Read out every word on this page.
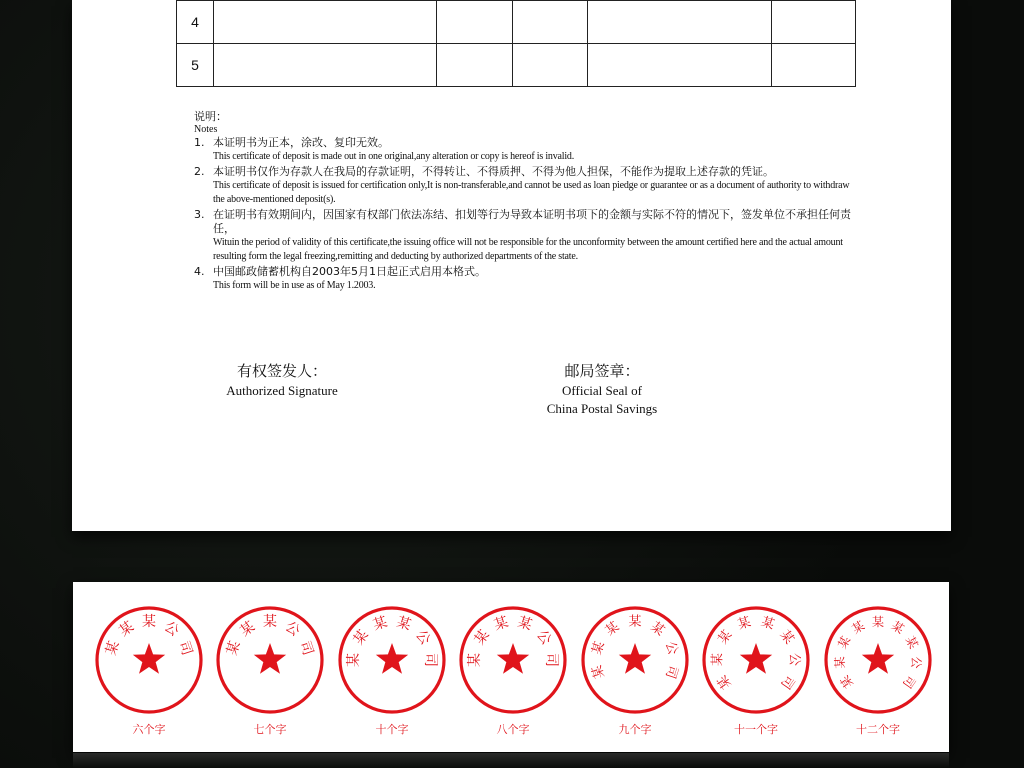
4					
5					
说明：
Notes
1. 本证明书为正本，涂改、复印无效。
This certificate of deposit is made out in one original,any alteration or copy is hereof is invalid.
2. 本证明书仅作为存款人在我局的存款证明，不得转让、不得质押、不得为他人担保，不能作为提取上述存款的凭证。
This certificate of deposit is issued for certification only,It is non-transferable,and cannot be used as loan piedge or guarantee or as a document of authority to withdraw the above-mentioned deposit(s).
3. 在证明书有效期间内，因国家有权部门依法冻结、扣划等行为导致本证明书项下的金额与实际不符的情况下，签发单位不承担任何责任，
Wituin the period of validity of this certificate,the issuing office will not be responsible for the unconformity between the amount certified here and the actual amount resulting form the legal freezing,remitting and deducting by authorized departments of the state.
4. 中国邮政储蓄机构自2003年5月1日起正式启用本格式。
This form will be in use as of May 1.2003.
有权签发人：
Authorized Signature
邮局签章：
Official Seal of
China Postal Savings
某
某 某 公
司
六个字
某
某 某 公
司
七个字
某
某
某 某
公
司
十个字
某
某
某 某
公
司
八个字
某
某
某 某 某
公
司
九个字
某
某
某
某 某
某
公
司
十一个字
某
某
某
某 某 某
某
公
司
十二个字
